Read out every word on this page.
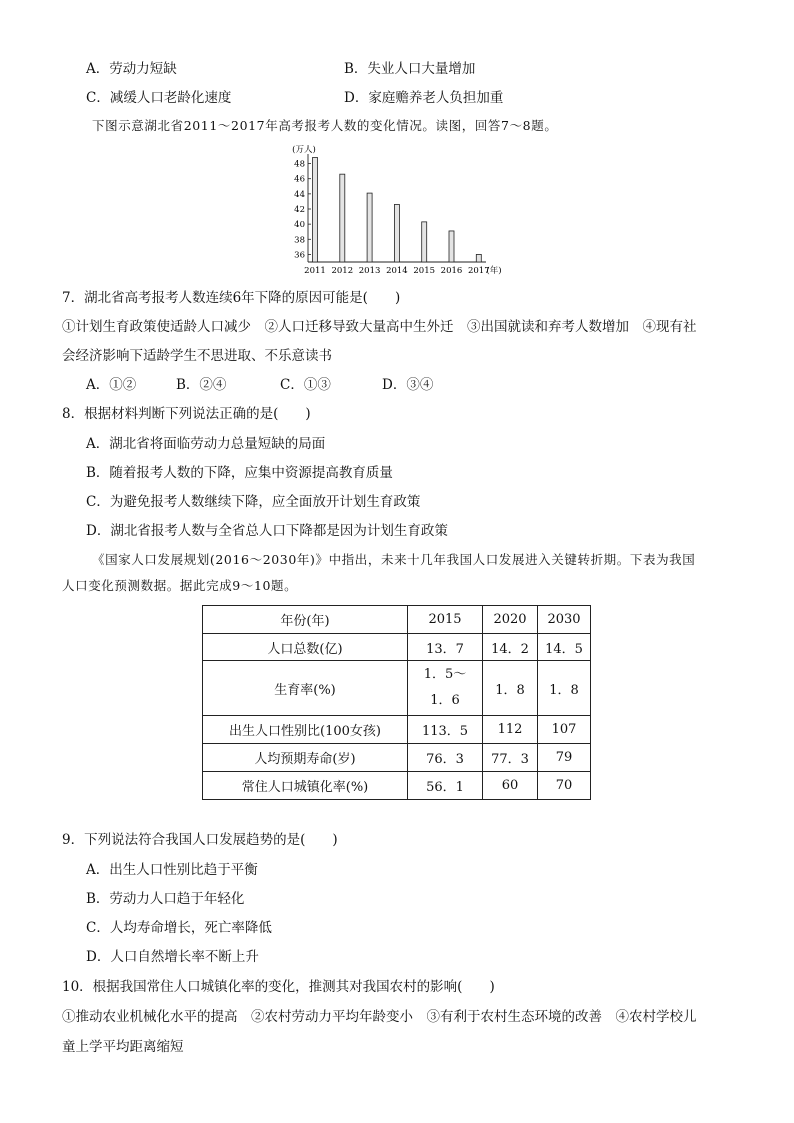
A．劳动力短缺	B．失业人口大量增加
C．减缓人口老龄化速度	D．家庭赡养老人负担加重
下图示意湖北省2011～2017年高考报考人数的变化情况。读图，回答7～8题。
(万人)
(年)
36
38
40
42
44
46
48
2011 2012 2013 2014 2015 2016 2017
7．湖北省高考报考人数连续6年下降的原因可能是(　　)
①计划生育政策使适龄人口减少　②人口迁移导致大量高中生外迁　③出国就读和弃考人数增加　④现有社
会经济影响下适龄学生不思进取、不乐意读书
A．①②	B．②④	C．①③	D．③④
8．根据材料判断下列说法正确的是(　　)
A．湖北省将面临劳动力总量短缺的局面
B．随着报考人数的下降，应集中资源提高教育质量
C．为避免报考人数继续下降，应全面放开计划生育政策
D．湖北省报考人数与全省总人口下降都是因为计划生育政策
《国家人口发展规划(2016～2030年)》中指出，未来十几年我国人口发展进入关键转折期。下表为我国
人口变化预测数据。据此完成9～10题。
年份(年)	2015	2020	2030
人口总数(亿)	13．7	14．2	14．5
生育率(%)	1．5～
1．6	1．8	1．8
出生人口性别比(100女孩)	113．5	112	107
人均预期寿命(岁)	76．3	77．3	79
常住人口城镇化率(%)	56．1	60	70
9．下列说法符合我国人口发展趋势的是(　　)
A．出生人口性别比趋于平衡
B．劳动力人口趋于年轻化
C．人均寿命增长，死亡率降低
D．人口自然增长率不断上升
10．根据我国常住人口城镇化率的变化，推测其对我国农村的影响(　　)
①推动农业机械化水平的提高　②农村劳动力平均年龄变小　③有利于农村生态环境的改善　④农村学校儿
童上学平均距离缩短
